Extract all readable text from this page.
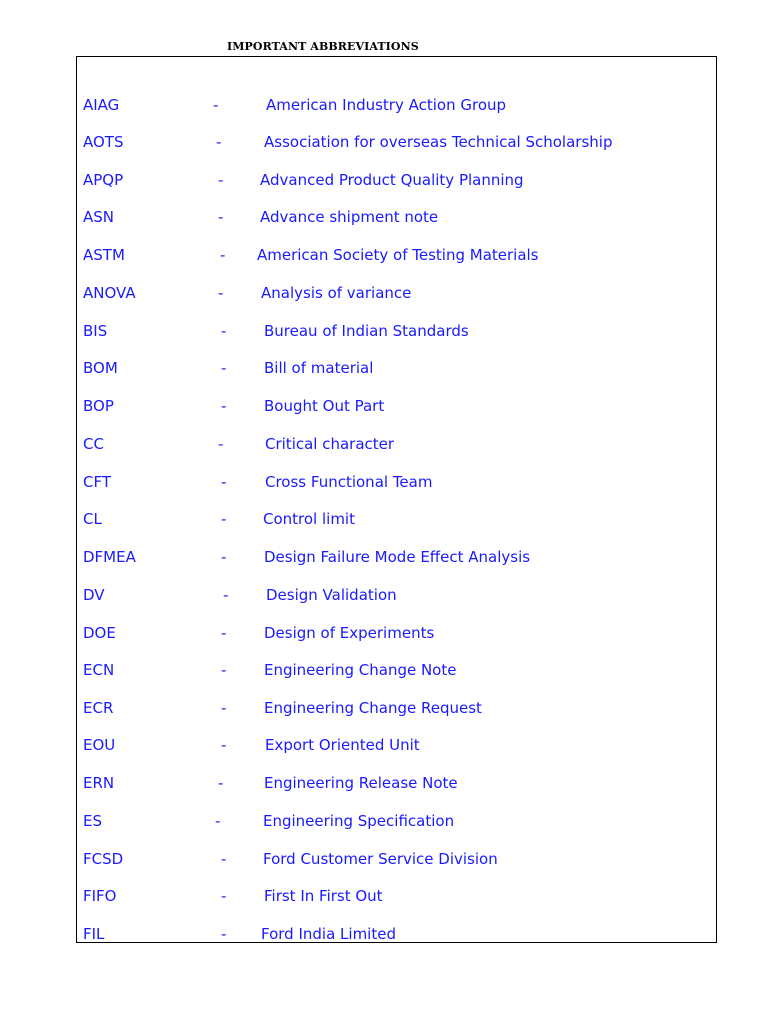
IMPORTANT ABBREVIATIONS
AIAG	-	American Industry Action Group
AOTS	-	Association for overseas Technical Scholarship
APQP	- Advanced Product Quality Planning
ASN	- Advance shipment note
ASTM	- American Society of Testing Materials
ANOVA	-	Analysis of variance
BIS	-	Bureau of Indian Standards
BOM	-	Bill of material
BOP	-	Bought Out Part
CC	-	Critical character
CFT	-	Cross Functional Team
CL	- Control limit
DFMEA	-	Design Failure Mode Effect Analysis
DV	-	Design Validation
DOE	-	Design of Experiments
ECN	-	Engineering Change Note
ECR	-	Engineering Change Request
EOU	-	Export Oriented Unit
ERN	-	Engineering Release Note
ES	-	Engineering Specification
FCSD	- Ford Customer Service Division
FIFO	-	First In First Out
FIL	- Ford India Limited
